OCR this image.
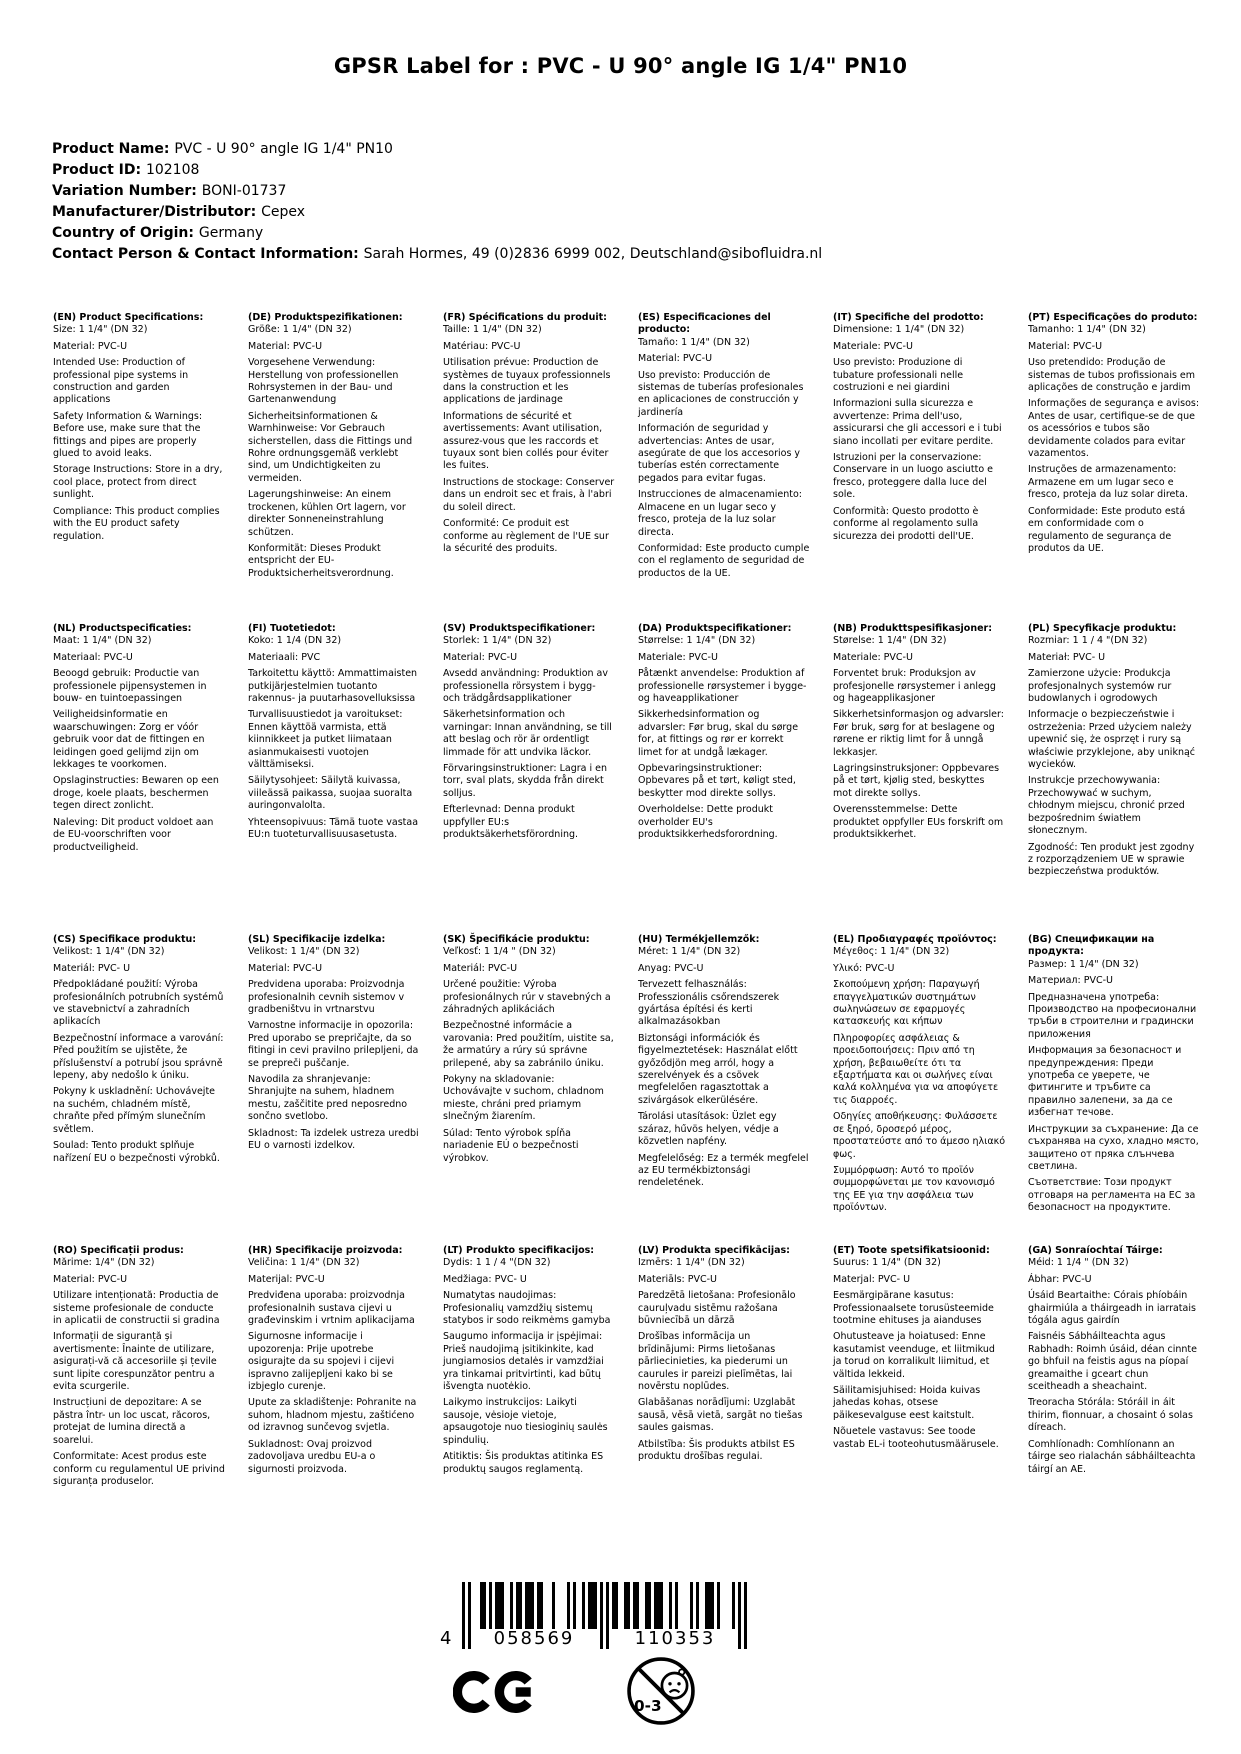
GPSR Label for : PVC - U 90° angle IG 1/4" PN10
Product Name: PVC - U 90° angle IG 1/4" PN10
Product ID: 102108
Variation Number: BONI-01737
Manufacturer/Distributor: Cepex
Country of Origin: Germany
Contact Person & Contact Information: Sarah Hormes, 49 (0)2836 6999 002, Deutschland@sibofluidra.nl
(EN) Product Specifications:

Size: 1 1/4" (DN 32)

Material: PVC-U

Intended Use: Production of professional pipe systems in construction and garden applications

Safety Information & Warnings: Before use, make sure that the fittings and pipes are properly glued to avoid leaks.

Storage Instructions: Store in a dry, cool place, protect from direct sunlight.

Compliance: This product complies with the EU product safety regulation.

(DE) Produktspezifikationen:

Größe: 1 1/4" (DN 32)

Material: PVC-U

Vorgesehene Verwendung: Herstellung von professionellen Rohrsystemen in der Bau- und Gartenanwendung

Sicherheitsinformationen & Warnhinweise: Vor Gebrauch sicherstellen, dass die Fittings und Rohre ordnungsgemäß verklebt sind, um Undichtigkeiten zu vermeiden.

Lagerungshinweise: An einem trockenen, kühlen Ort lagern, vor direkter Sonneneinstrahlung schützen.

Konformität: Dieses Produkt entspricht der EU-Produktsicherheitsverordnung.

(FR) Spécifications du produit:

Taille: 1 1/4" (DN 32)

Matériau: PVC-U

Utilisation prévue: Production de systèmes de tuyaux professionnels dans la construction et les applications de jardinage

Informations de sécurité et avertissements: Avant utilisation, assurez-vous que les raccords et tuyaux sont bien collés pour éviter les fuites.

Instructions de stockage: Conserver dans un endroit sec et frais, à l'abri du soleil direct.

Conformité: Ce produit est conforme au règlement de l'UE sur la sécurité des produits.

(ES) Especificaciones del producto:

Tamaño: 1 1/4" (DN 32)

Material: PVC-U

Uso previsto: Producción de sistemas de tuberías profesionales en aplicaciones de construcción y jardinería

Información de seguridad y advertencias: Antes de usar, asegúrate de que los accesorios y tuberías estén correctamente pegados para evitar fugas.

Instrucciones de almacenamiento: Almacene en un lugar seco y fresco, proteja de la luz solar directa.

Conformidad: Este producto cumple con el reglamento de seguridad de productos de la UE.

(IT) Specifiche del prodotto:

Dimensione: 1 1/4" (DN 32)

Materiale: PVC-U

Uso previsto: Produzione di tubature professionali nelle costruzioni e nei giardini

Informazioni sulla sicurezza e avvertenze: Prima dell'uso, assicurarsi che gli accessori e i tubi siano incollati per evitare perdite.

Istruzioni per la conservazione: Conservare in un luogo asciutto e fresco, proteggere dalla luce del sole.

Conformità: Questo prodotto è conforme al regolamento sulla sicurezza dei prodotti dell'UE.

(PT) Especificações do produto:

Tamanho: 1 1/4" (DN 32)

Material: PVC-U

Uso pretendido: Produção de sistemas de tubos profissionais em aplicações de construção e jardim

Informações de segurança e avisos: Antes de usar, certifique-se de que os acessórios e tubos são devidamente colados para evitar vazamentos.

Instruções de armazenamento: Armazene em um lugar seco e fresco, proteja da luz solar direta.

Conformidade: Este produto está em conformidade com o regulamento de segurança de produtos da UE.

(NL) Productspecificaties:

Maat: 1 1/4" (DN 32)

Materiaal: PVC-U

Beoogd gebruik: Productie van professionele pijpensystemen in bouw- en tuintoepassingen

Veiligheidsinformatie en waarschuwingen: Zorg er vóór gebruik voor dat de fittingen en leidingen goed gelijmd zijn om lekkages te voorkomen.

Opslaginstructies: Bewaren op een droge, koele plaats, beschermen tegen direct zonlicht.

Naleving: Dit product voldoet aan de EU-voorschriften voor productveiligheid.

(FI) Tuotetiedot:

Koko: 1 1/4 (DN 32)

Materiaali: PVC

Tarkoitettu käyttö: Ammattimaisten putkijärjestelmien tuotanto rakennus- ja puutarhasovelluksissa

Turvallisuustiedot ja varoitukset: Ennen käyttöä varmista, että kiinnikkeet ja putket liimataan asianmukaisesti vuotojen välttämiseksi.

Säilytysohjeet: Säilytä kuivassa, viileässä paikassa, suojaa suoralta auringonvalolta.

Yhteensopivuus: Tämä tuote vastaa EU:n tuoteturvallisuusasetusta.

(SV) Produktspecifikationer:

Storlek: 1 1/4" (DN 32)

Material: PVC-U

Avsedd användning: Produktion av professionella rörsystem i bygg- och trädgårdsapplikationer

Säkerhetsinformation och varningar: Innan användning, se till att beslag och rör är ordentligt limmade för att undvika läckor.

Förvaringsinstruktioner: Lagra i en torr, sval plats, skydda från direkt solljus.

Efterlevnad: Denna produkt uppfyller EU:s produktsäkerhetsförordning.

(DA) Produktspecifikationer:

Størrelse: 1 1/4" (DN 32)

Materiale: PVC-U

Påtænkt anvendelse: Produktion af professionelle rørsystemer i bygge- og haveapplikationer

Sikkerhedsinformation og advarsler: Før brug, skal du sørge for, at fittings og rør er korrekt limet for at undgå lækager.

Opbevaringsinstruktioner: Opbevares på et tørt, køligt sted, beskytter mod direkte sollys.

Overholdelse: Dette produkt overholder EU's produktsikkerhedsforordning.

(NB) Produkttspesifikasjoner:

Størelse: 1 1/4" (DN 32)

Materiale: PVC-U

Forventet bruk: Produksjon av profesjonelle rørsystemer i anlegg og hageapplikasjoner

Sikkerhetsinformasjon og advarsler: Før bruk, sørg for at beslagene og rørene er riktig limt for å unngå lekkasjer.

Lagringsinstruksjoner: Oppbevares på et tørt, kjølig sted, beskyttes mot direkte sollys.

Overensstemmelse: Dette produktet oppfyller EUs forskrift om produktsikkerhet.

(PL) Specyfikacje produktu:

Rozmiar: 1 1 / 4 "(DN 32)

Materiał: PVC- U

Zamierzone użycie: Produkcja profesjonalnych systemów rur budowlanych i ogrodowych

Informacje o bezpieczeństwie i ostrzeżenia: Przed użyciem należy upewnić się, że osprzęt i rury są właściwie przyklejone, aby uniknąć wycieków.

Instrukcje przechowywania: Przechowywać w suchym, chłodnym miejscu, chronić przed bezpośrednim światłem słonecznym.

Zgodność: Ten produkt jest zgodny z rozporządzeniem UE w sprawie bezpieczeństwa produktów.

(CS) Specifikace produktu:

Velikost: 1 1/4" (DN 32)

Materiál: PVC- U

Předpokládané použití: Výroba profesionálních potrubních systémů ve stavebnictví a zahradních aplikacích

Bezpečnostní informace a varování: Před použitím se ujistěte, že příslušenství a potrubí jsou správně lepeny, aby nedošlo k úniku.

Pokyny k uskladnění: Uchovávejte na suchém, chladném místě, chraňte před přímým slunečním světlem.

Soulad: Tento produkt splňuje nařízení EU o bezpečnosti výrobků.

(SL) Specifikacije izdelka:

Velikost: 1 1/4" (DN 32)

Material: PVC-U

Predvidena uporaba: Proizvodnja profesionalnih cevnih sistemov v gradbeništvu in vrtnarstvu

Varnostne informacije in opozorila: Pred uporabo se prepričajte, da so fitingi in cevi pravilno prilepljeni, da se prepreči puščanje.

Navodila za shranjevanje: Shranjujte na suhem, hladnem mestu, zaščitite pred neposredno sončno svetlobo.

Skladnost: Ta izdelek ustreza uredbi EU o varnosti izdelkov.

(SK) Špecifikácie produktu:

Veľkosť: 1 1/4 " (DN 32)

Materiál: PVC-U

Určené použitie: Výroba profesionálnych rúr v stavebných a záhradných aplikáciách

Bezpečnostné informácie a varovania: Pred použitím, uistite sa, že armatúry a rúry sú správne prilepené, aby sa zabránilo úniku.

Pokyny na skladovanie: Uchovávajte v suchom, chladnom mieste, chráni pred priamym slnečným žiarením.

Súlad: Tento výrobok spĺňa nariadenie EÚ o bezpečnosti výrobkov.

(HU) Termékjellemzők:

Méret: 1 1/4" (DN 32)

Anyag: PVC-U

Tervezett felhasználás: Professzionális csőrendszerek gyártása építési és kerti alkalmazásokban

Biztonsági információk és figyelmeztetések: Használat előtt győződjön meg arról, hogy a szerelvények és a csövek megfelelően ragasztottak a szivárgások elkerülésére.

Tárolási utasítások: Üzlet egy száraz, hűvös helyen, védje a közvetlen napfény.

Megfelelőség: Ez a termék megfelel az EU termékbiztonsági rendeletének.

(EL) Προδιαγραφές προϊόντος:

Μέγεθος: 1 1/4" (DN 32)

Υλικό: PVC-U

Σκοπούμενη χρήση: Παραγωγή επαγγελματικών συστημάτων σωληνώσεων σε εφαρμογές κατασκευής και κήπων

Πληροφορίες ασφάλειας & προειδοποιήσεις: Πριν από τη χρήση, βεβαιωθείτε ότι τα εξαρτήματα και οι σωλήνες είναι καλά κολλημένα για να αποφύγετε τις διαρροές.

Οδηγίες αποθήκευσης: Φυλάσσετε σε ξηρό, δροσερό μέρος, προστατεύστε από το άμεσο ηλιακό φως.

Συμμόρφωση: Αυτό το προϊόν συμμορφώνεται με τον κανονισμό της ΕΕ για την ασφάλεια των προϊόντων.

(BG) Спецификации на продукта:

Размер: 1 1/4" (DN 32)

Материал: PVC-U

Предназначена употреба: Производство на професионални тръби в строителни и градински приложения

Информация за безопасност и предупреждения: Преди употреба се уверете, че фитингите и тръбите са правилно залепени, за да се избегнат течове.

Инструкции за съхранение: Да се съхранява на сухо, хладно място, защитено от пряка слънчева светлина.

Съответствие: Този продукт отговаря на регламента на ЕС за безопасност на продуктите.

(RO) Specificații produs:

Mărime: 1/4" (DN 32)

Material: PVC-U

Utilizare intenționată: Productia de sisteme profesionale de conducte in aplicatii de constructii si gradina

Informații de siguranță și avertismente: Înainte de utilizare, asigurați-vă că accesoriile și țevile sunt lipite corespunzător pentru a evita scurgerile.

Instrucțiuni de depozitare: A se păstra într- un loc uscat, răcoros, protejat de lumina directă a soarelui.

Conformitate: Acest produs este conform cu regulamentul UE privind siguranța produselor.

(HR) Specifikacije proizvoda:

Veličina: 1 1/4" (DN 32)

Materijal: PVC-U

Predviđena uporaba: proizvodnja profesionalnih sustava cijevi u građevinskim i vrtnim aplikacijama

Sigurnosne informacije i upozorenja: Prije upotrebe osigurajte da su spojevi i cijevi ispravno zalijepljeni kako bi se izbjeglo curenje.

Upute za skladištenje: Pohranite na suhom, hladnom mjestu, zaštićeno od izravnog sunčevog svjetla.

Sukladnost: Ovaj proizvod zadovoljava uredbu EU-a o sigurnosti proizvoda.

(LT) Produkto specifikacijos:

Dydis: 1 1 / 4 "(DN 32)

Medžiaga: PVC- U

Numatytas naudojimas: Profesionalių vamzdžių sistemų statybos ir sodo reikmėms gamyba

Saugumo informacija ir įspėjimai: Prieš naudojimą įsitikinkite, kad jungiamosios detalės ir vamzdžiai yra tinkamai pritvirtinti, kad būtų išvengta nuotėkio.

Laikymo instrukcijos: Laikyti sausoje, vėsioje vietoje, apsaugotoje nuo tiesioginių saulės spindulių.

Atitiktis: Šis produktas atitinka ES produktų saugos reglamentą.

(LV) Produkta specifikācijas:

Izmērs: 1 1/4" (DN 32)

Materiāls: PVC-U

Paredzētā lietošana: Profesionālo cauruļvadu sistēmu ražošana būvniecībā un dārzā

Drošības informācija un brīdinājumi: Pirms lietošanas pārliecinieties, ka piederumi un caurules ir pareizi pielīmētas, lai novērstu noplūdes.

Glabāšanas norādījumi: Uzglabāt sausā, vēsā vietā, sargāt no tiešas saules gaismas.

Atbilstība: Šis produkts atbilst ES produktu drošības regulai.

(ET) Toote spetsifikatsioonid:

Suurus: 1 1/4" (DN 32)

Materjal: PVC- U

Eesmärgipärane kasutus: Professionaalsete torusüsteemide tootmine ehituses ja aianduses

Ohutusteave ja hoiatused: Enne kasutamist veenduge, et liitmikud ja torud on korralikult liimitud, et vältida lekkeid.

Säilitamisjuhised: Hoida kuivas jahedas kohas, otsese päikesevalguse eest kaitstult.

Nõuetele vastavus: See toode vastab EL-i tooteohutusmäärusele.

(GA) Sonraíochtaí Táirge:

Méid: 1 1/4 " (DN 32)

Ábhar: PVC-U

Úsáid Beartaithe: Córais phíobáin ghairmiúla a tháirgeadh in iarratais tógála agus gairdín

Faisnéis Sábháilteachta agus Rabhadh: Roimh úsáid, déan cinnte go bhfuil na feistis agus na píopaí greamaithe i gceart chun sceitheadh a sheachaint.

Treoracha Stórála: Stóráil in áit thirim, fionnuar, a chosaint ó solas díreach.

Comhlíonadh: Comhlíonann an táirge seo rialachán sábháilteachta táirgí an AE.

4	058569	110353
0-3
